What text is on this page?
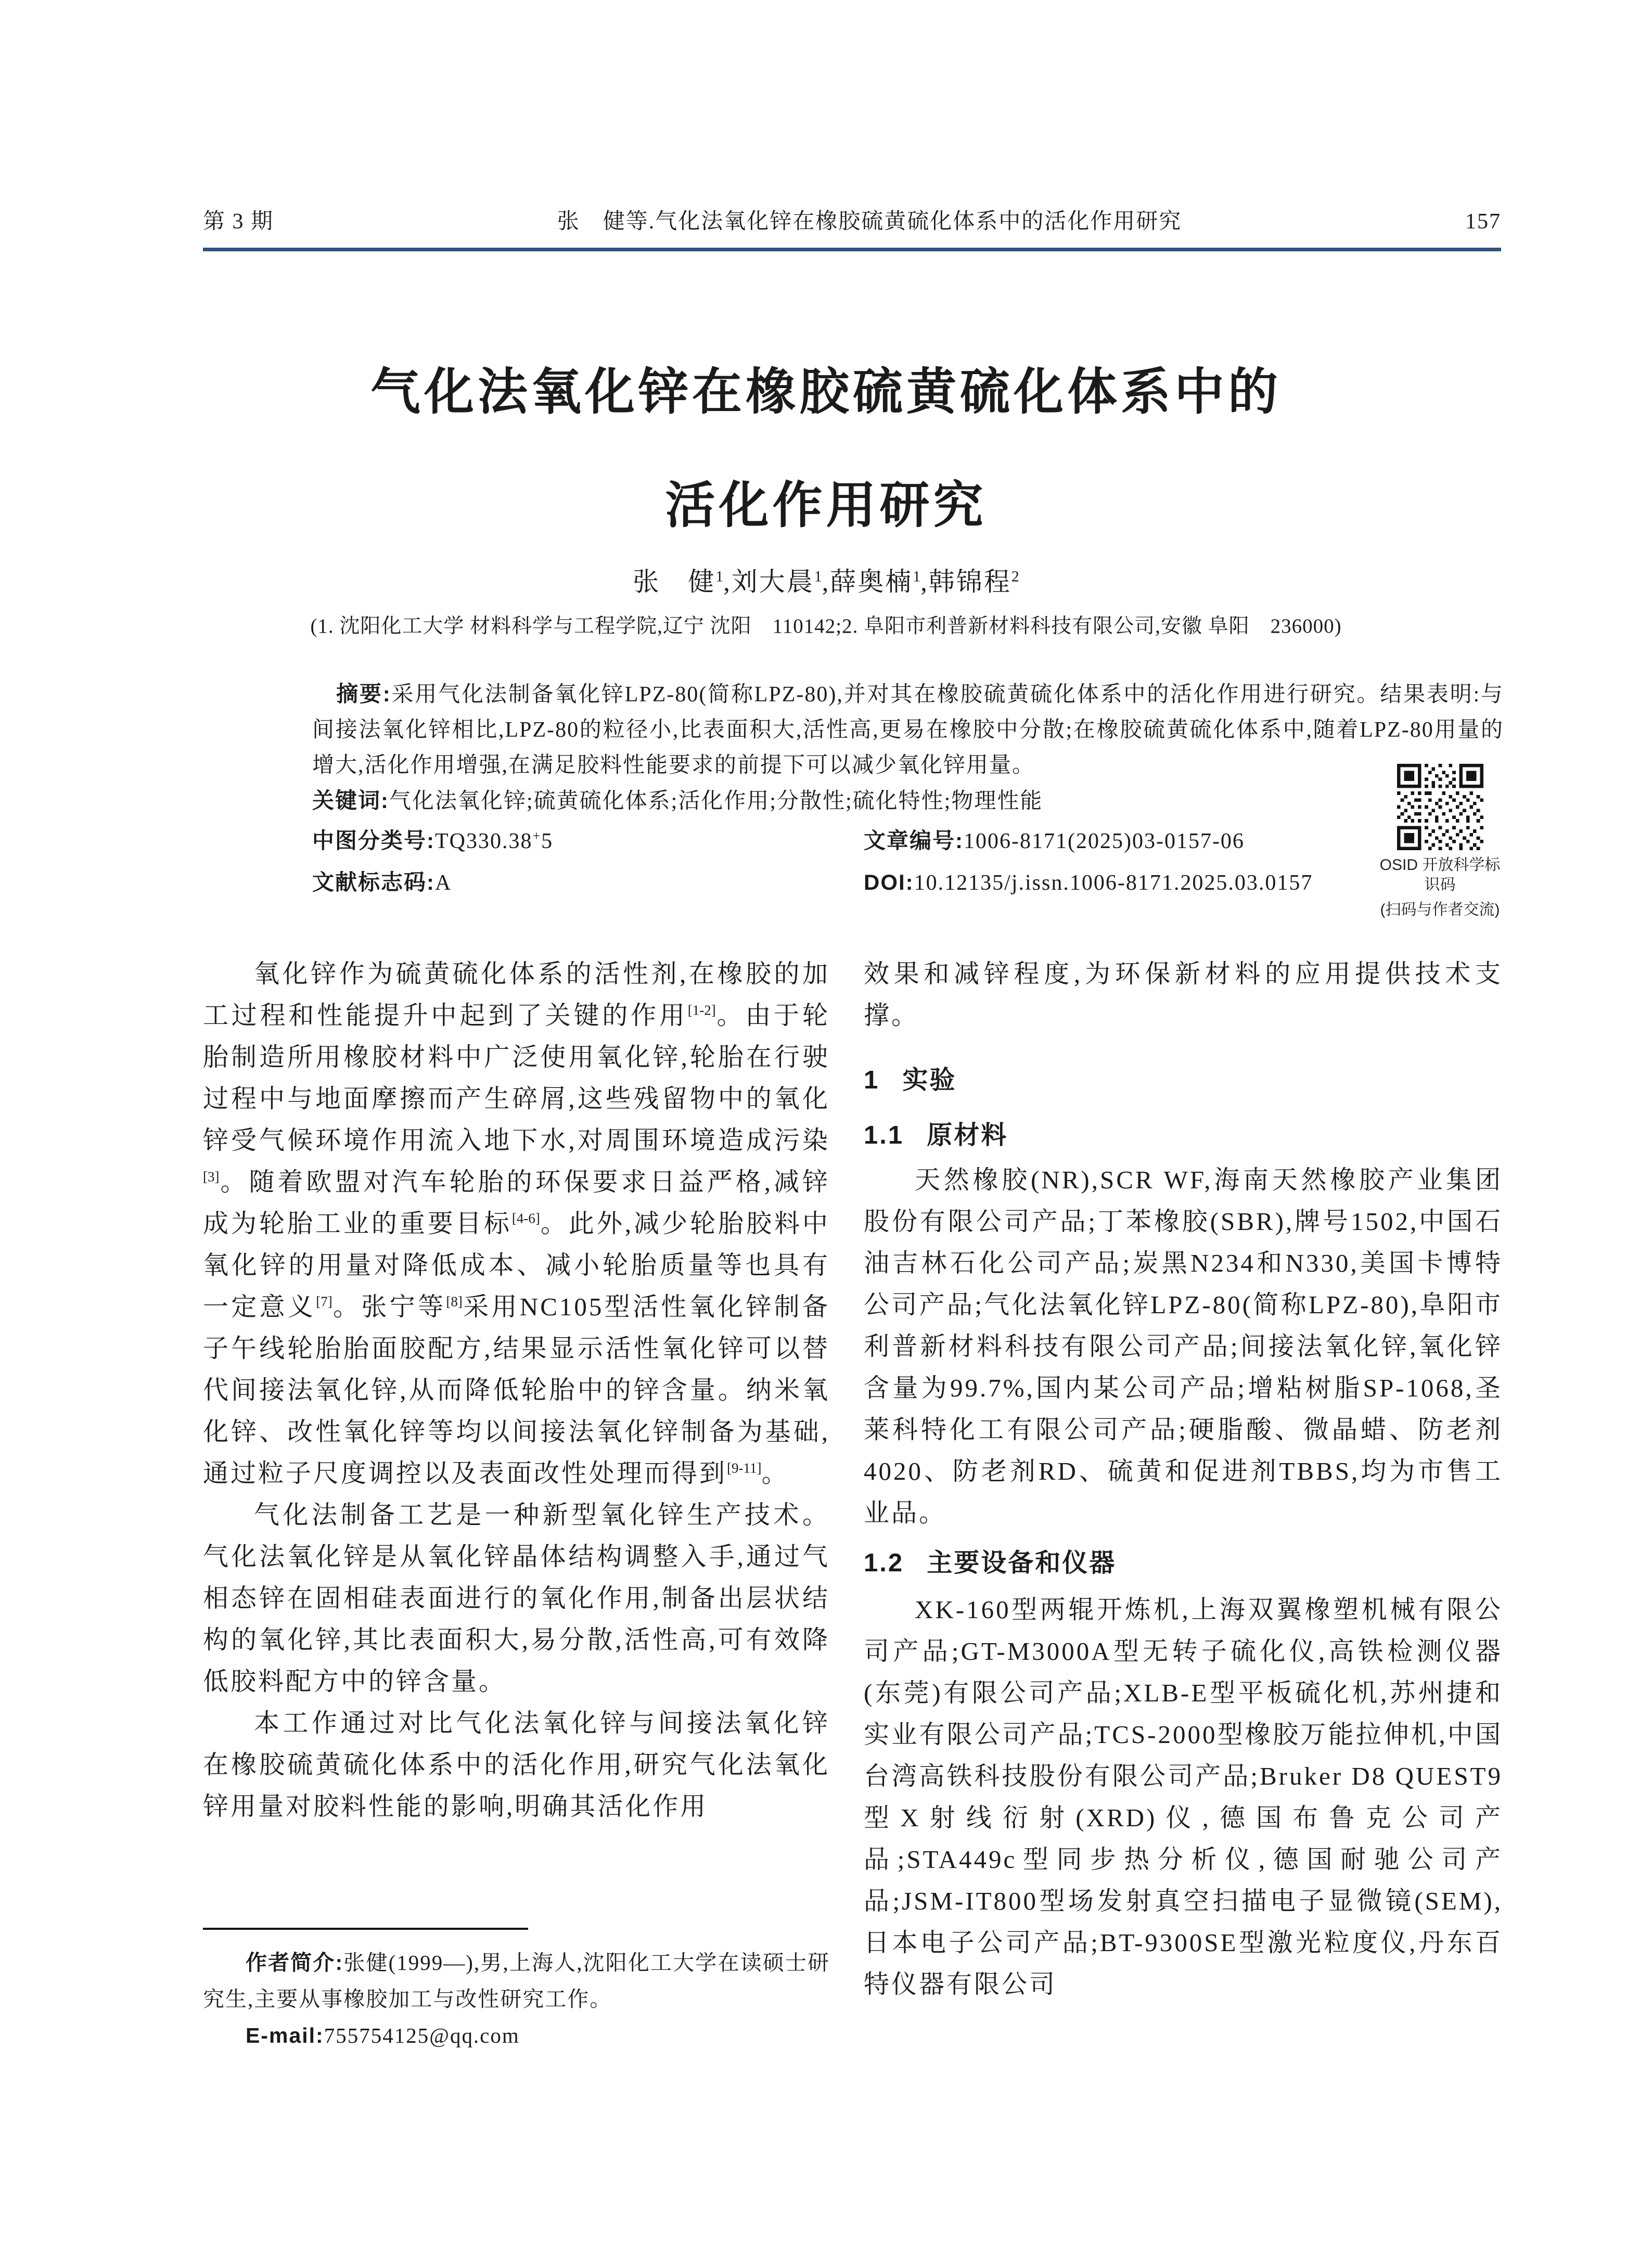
第 3 期	张　健等.气化法氧化锌在橡胶硫黄硫化体系中的活化作用研究	157
气化法氧化锌在橡胶硫黄硫化体系中的
活化作用研究
张　健$^1$,刘大晨$^1$,薛奥楠$^1$,韩锦程$^2$
(1. 沈阳化工大学 材料科学与工程学院,辽宁 沈阳　110142;2. 阜阳市利普新材料科技有限公司,安徽 阜阳　236000)

摘要:采用气化法制备氧化锌LPZ-80(简称LPZ-80),并对其在橡胶硫黄硫化体系中的活化作用进行研究。结果表明:与间接法氧化锌相比,LPZ-80的粒径小,比表面积大,活性高,更易在橡胶中分散;在橡胶硫黄硫化体系中,随着LPZ-80用量的增大,活化作用增强,在满足胶料性能要求的前提下可以减少氧化锌用量。

关键词:气化法氧化锌;硫黄硫化体系;活化作用;分散性;硫化特性;物理性能

中图分类号:TQ330.38+5	文章编号:1006-8171(2025)03-0157-06
文献标志码:A	DOI:10.12135/j.issn.1006-8171.2025.03.0157
OSID 开放科学标识码
(扫码与作者交流)

氧化锌作为硫黄硫化体系的活性剂,在橡胶的加工过程和性能提升中起到了关键的作用[1-2]。由于轮胎制造所用橡胶材料中广泛使用氧化锌,轮胎在行驶过程中与地面摩擦而产生碎屑,这些残留物中的氧化锌受气候环境作用流入地下水,对周围环境造成污染[3]。随着欧盟对汽车轮胎的环保要求日益严格,减锌成为轮胎工业的重要目标[4-6]。此外,减少轮胎胶料中氧化锌的用量对降低成本、减小轮胎质量等也具有一定意义[7]。张宁等[8]采用NC105型活性氧化锌制备子午线轮胎胎面胶配方,结果显示活性氧化锌可以替代间接法氧化锌,从而降低轮胎中的锌含量。纳米氧化锌、改性氧化锌等均以间接法氧化锌制备为基础,通过粒子尺度调控以及表面改性处理而得到[9-11]。

气化法制备工艺是一种新型氧化锌生产技术。气化法氧化锌是从氧化锌晶体结构调整入手,通过气相态锌在固相硅表面进行的氧化作用,制备出层状结构的氧化锌,其比表面积大,易分散,活性高,可有效降低胶料配方中的锌含量。

本工作通过对比气化法氧化锌与间接法氧化锌在橡胶硫黄硫化体系中的活化作用,研究气化法氧化锌用量对胶料性能的影响,明确其活化作用

效果和减锌程度,为环保新材料的应用提供技术支撑。

1 实验
1.1 原材料

天然橡胶(NR),SCR WF,海南天然橡胶产业集团股份有限公司产品;丁苯橡胶(SBR),牌号1502,中国石油吉林石化公司产品;炭黑N234和N330,美国卡博特公司产品;气化法氧化锌LPZ-80(简称LPZ-80),阜阳市利普新材料科技有限公司产品;间接法氧化锌,氧化锌含量为99.7%,国内某公司产品;增粘树脂SP-1068,圣莱科特化工有限公司产品;硬脂酸、微晶蜡、防老剂4020、防老剂RD、硫黄和促进剂TBBS,均为市售工业品。

1.2 主要设备和仪器

XK-160型两辊开炼机,上海双翼橡塑机械有限公司产品;GT-M3000A型无转子硫化仪,高铁检测仪器(东莞)有限公司产品;XLB-E型平板硫化机,苏州捷和实业有限公司产品;TCS-2000型橡胶万能拉伸机,中国台湾高铁科技股份有限公司产品;Bruker D8 QUEST9型X射线衍射(XRD)仪,德国布鲁克公司产品;STA449c型同步热分析仪,德国耐驰公司产品;JSM-IT800型场发射真空扫描电子显微镜(SEM),日本电子公司产品;BT-9300SE型激光粒度仪,丹东百特仪器有限公司

作者简介:张健(1999—),男,上海人,沈阳化工大学在读硕士研究生,主要从事橡胶加工与改性研究工作。

E-mail:755754125@qq.com
